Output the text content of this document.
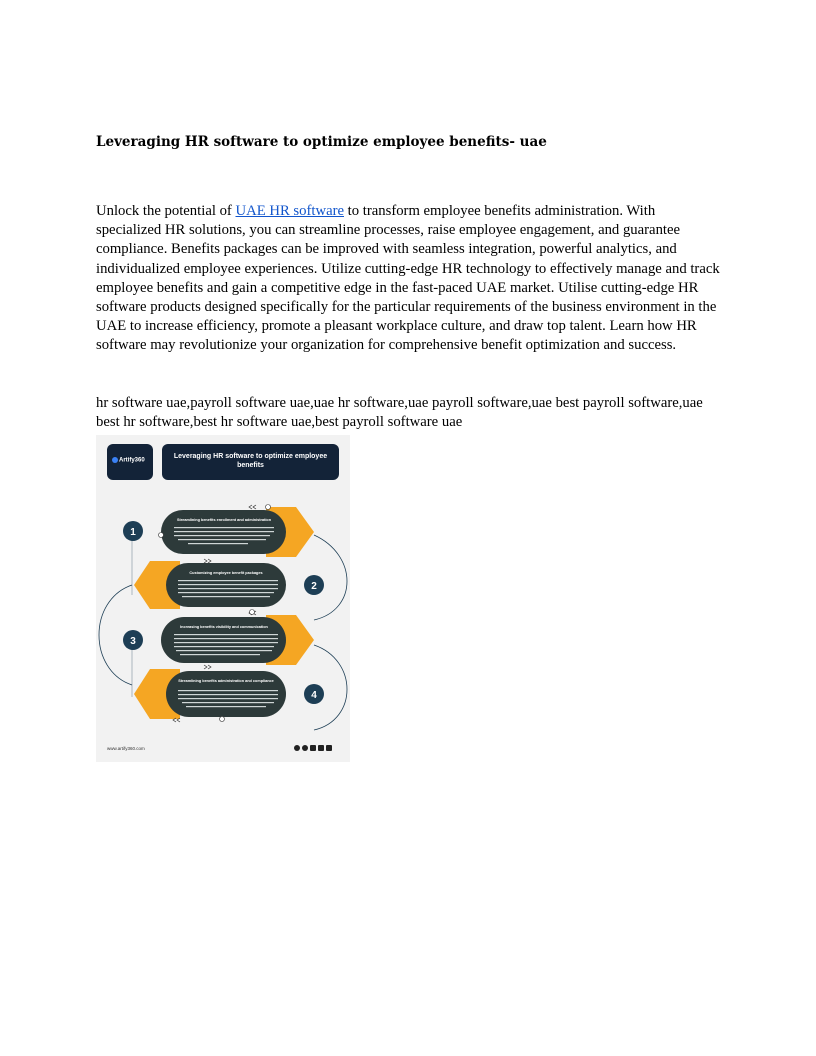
Leveraging HR software to optimize employee benefits- uae
Unlock the potential of UAE HR software to transform employee benefits administration. With specialized HR solutions, you can streamline processes, raise employee engagement, and guarantee compliance. Benefits packages can be improved with seamless integration, powerful analytics, and individualized employee experiences. Utilize cutting-edge HR technology to effectively manage and track employee benefits and gain a competitive edge in the fast-paced UAE market. Utilise cutting-edge HR software products designed specifically for the particular requirements of the business environment in the UAE to increase efficiency, promote a pleasant workplace culture, and draw top talent. Learn how HR software may revolutionize your organization for comprehensive benefit optimization and success.
hr software uae,payroll software uae,uae hr software,uae payroll software,uae best payroll software,uae best hr software,best hr software uae,best payroll software uae
1
2
3
4
Streamlining benefits enrollment and administration
Customizing employee benefit packages
Increasing benefits visibility and communication
Streamlining benefits administration and compliance
Artify360
Leveraging HR software to optimize employee benefits
www.artify360.com
